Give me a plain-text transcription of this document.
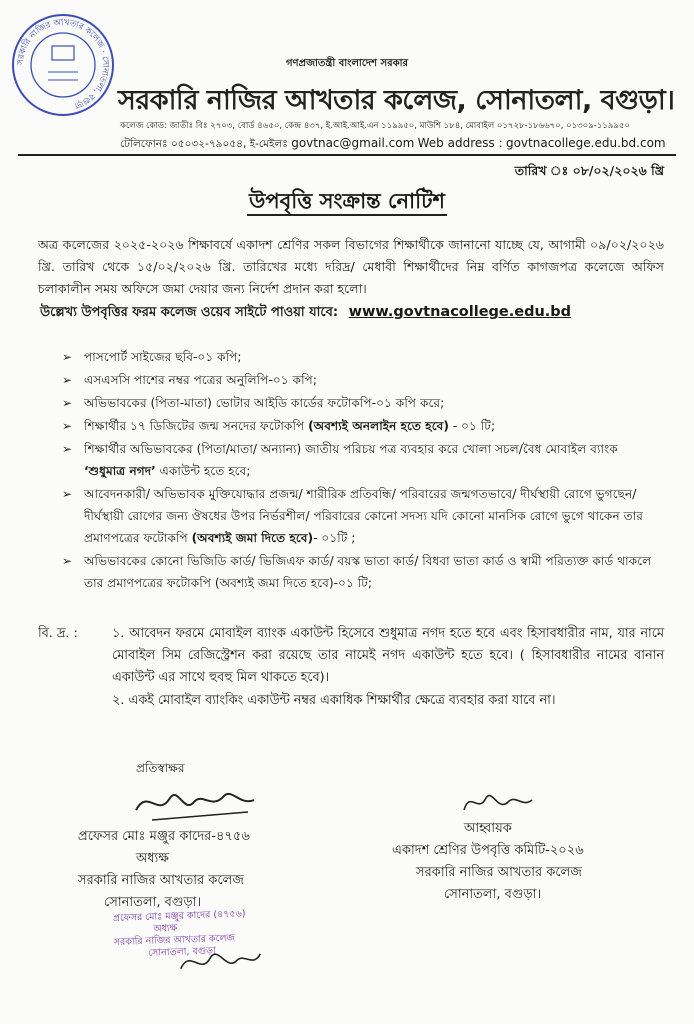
সরকারি নাজির আখতার কলেজ · সোনাতলা, বগুড়া
গণপ্রজাতন্ত্রী বাংলাদেশ সরকার
সরকারি নাজির আখতার কলেজ, সোনাতলা, বগুড়া।
কলেজ কোড: জাতীঃ বিঃ ২৭০৩, বোর্ড ৪৬৫০, কেন্দ্র ৪৩৭, ই.আই.আই.এন ১১৯৯৫০, মাউশি ১৮৪, মোবাইল ০১৭২৮-১৮৬৬৭০, ০১৩০৯-১১৯৯৫০
টেলিফোনঃ ০৫০৩২-৭৯০৫৪, ই-মেইলঃ govtnac@gmail.com Web address : govtnacollege.edu.bd.com
তারিখ ঃ ০৮/০২/২০২৬ খ্রি
উপবৃত্তি সংক্রান্ত নোটিশ
অত্র কলেজের ২০২৫-২০২৬ শিক্ষাবর্ষে একাদশ শ্রেণির সকল বিভাগের শিক্ষার্থীকে জানানো যাচ্ছে যে, আগামী ০৯/০২/২০২৬ খ্রি. তারিখ থেকে ১৫/০২/২০২৬ খ্রি. তারিখের মধ্যে দরিদ্র/ মেধাবী শিক্ষার্থীদের নিম্ন বর্ণিত কাগজপত্র কলেজে অফিস চলাকালীন সময় অফিসে জমা দেয়ার জন্য নির্দেশ প্রদান করা হলো।
উল্লেখ্য উপবৃত্তির ফরম কলেজ ওয়েব সাইটে পাওয়া যাবে: www.govtnacollege.edu.bd
➢ পাসপোর্ট সাইজের ছবি-০১ কপি;
➢ এসএসসি পাশের নম্বর পত্রের অনুলিপি-০১ কপি;
➢ অভিভাবকের (পিতা-মাতা) ভোটার আইডি কার্ডের ফটোকপি-০১ কপি করে;
➢ শিক্ষার্থীর ১৭ ডিজিটের জন্ম সনদের ফটোকপি (অবশ্যই অনলাইন হতে হবে) - ০১ টি;
➢ শিক্ষার্থীর অভিভাবকের (পিতা/মাতা/ অন্যান্য) জাতীয় পরিচয় পত্র ব্যবহার করে খোলা সচল/বৈধ মোবাইল ব্যাংক ‘শুধুমাত্র নগদ’ একাউন্ট হতে হবে;
➢ আবেদনকারী/ অভিভাবক মুক্তিযোদ্ধার প্রজন্ম/ শারীরিক প্রতিবন্ধি/ পরিবারের জন্মগতভাবে/ দীর্ঘস্থায়ী রোগে ভুগছেন/ দীর্ঘস্থায়ী রোগের জন্য ঔষধের উপর নির্ভরশীল/ পরিবারের কোনো সদস্য যদি কোনো মানসিক রোগে ভুগে থাকেন তার প্রমাণপত্রের ফটোকপি (অবশ্যই জমা দিতে হবে)- ০১টি ;
➢ অভিভাবকের কোনো ভিজিডি কার্ড/ ভিজিএফ কার্ড/ বয়স্ক ভাতা কার্ড/ বিধবা ভাতা কার্ড ও স্বামী পরিত্যক্ত কার্ড থাকলে তার প্রমাণপত্রের ফটোকপি (অবশ্যই জমা দিতে হবে)-০১ টি;
বি. দ্র. :	১. আবেদন ফরমে মোবাইল ব্যাংক একাউন্ট হিসেবে শুধুমাত্র নগদ হতে হবে এবং হিসাবধারীর নাম, যার নামে মোবাইল সিম রেজিস্ট্রেশন করা রয়েছে তার নামেই নগদ একাউন্ট হতে হবে। ( হিসাবধারীর নামের বানান একাউন্ট এর সাথে হুবহু মিল থাকতে হবে)।

২. একই মোবাইল ব্যাংকিং একাউন্ট নম্বর একাধিক শিক্ষার্থীর ক্ষেত্রে ব্যবহার করা যাবে না।

প্রতিস্বাক্ষর
প্রফেসর মোঃ মঞ্জুর কাদের-৪৭৫৬
অধ্যক্ষ
সরকারি নাজির আখতার কলেজ
সোনাতলা, বগুড়া।
প্রফেসর মোঃ মঞ্জুর কাদের (৪৭৫৬)
অধ্যক্ষ
সরকারি নাজির আখতার কলেজ
সোনাতলা, বগুড়া
আহ্বায়ক
একাদশ শ্রেণির উপবৃত্তি কমিটি-২০২৬
সরকারি নাজির আখতার কলেজ
সোনাতলা, বগুড়া।
